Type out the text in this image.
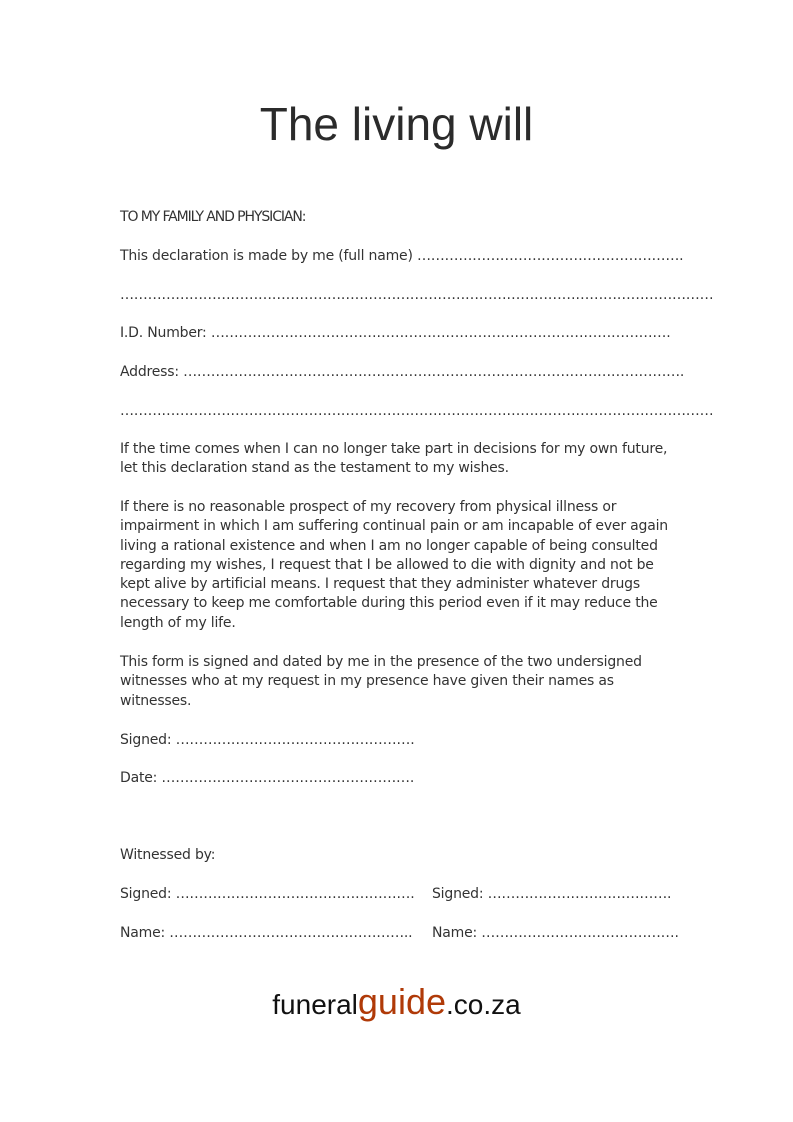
The living will
TO MY FAMILY AND PHYSICIAN:
This declaration is made by me (full name) ………………………………………………….
…………………………………………………………………………………………………………………
I.D. Number: ……………………………………………………………………………………….
Address: ……………………………………………………………………………………………….
…………………………………………………………………………………………………………………

If the time comes when I can no longer take part in decisions for my own future, let this declaration stand as the testament to my wishes.

If there is no reasonable prospect of my recovery from physical illness or impairment in which I am suffering continual pain or am incapable of ever again living a rational existence and when I am no longer capable of being consulted regarding my wishes, I request that I be allowed to die with dignity and not be kept alive by artificial means. I request that they administer whatever drugs necessary to keep me comfortable during this period even if it may reduce the length of my life.

This form is signed and dated by me in the presence of the two undersigned witnesses who at my request in my presence have given their names as witnesses.

Signed: …………………………………………….
Date: ……………………………………………….
Witnessed by:
Signed: ……………………………………………. Signed: ………………………………….
Name: …………………………………………….. Name: …………………………………….
funeralguide.co.za
